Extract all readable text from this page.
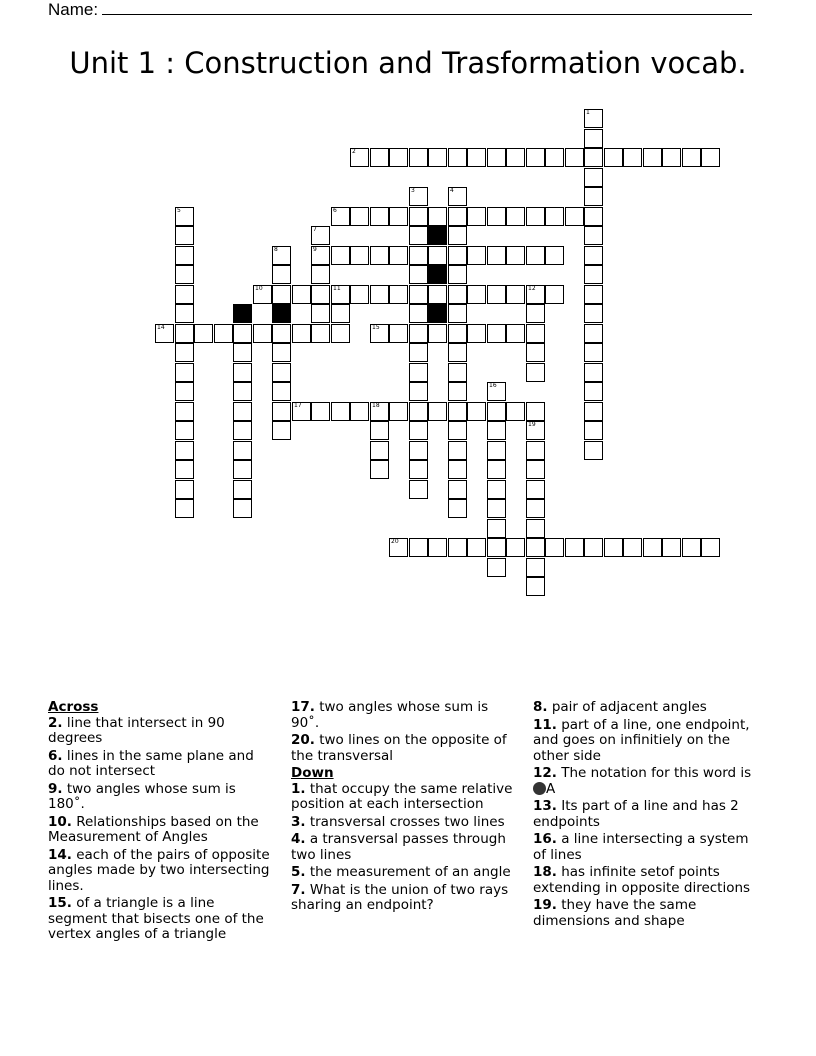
Name:
Unit 1 : Construction and Trasformation vocab.
1
2
3	4
5	6
7
9
8
10	11	12
13
14	15
16
17	18
19
20
Across
2. line that intersect in 90 degrees
6. lines in the same plane and do not intersect
9. two angles whose sum is 180˚.
10. Relationships based on the Measurement of Angles
14. each of the pairs of opposite angles made by two intersecting lines.
15. of a triangle is a line segment that bisects one of the vertex angles of a triangle
17. two angles whose sum is 90˚.
20. two lines on the opposite of the transversal
Down
1. that occupy the same relative position at each intersection
3. transversal crosses two lines
4. a transversal passes through two lines
5. the measurement of an angle
7. What is the union of two rays sharing an endpoint?
8. pair of adjacent angles
11. part of a line, one endpoint, and goes on infinitiely on the other side
12. The notation for this word is
A
13. Its part of a line and has 2 endpoints
16. a line intersecting a system of lines
18. has infinite setof points extending in opposite directions
19. they have the same dimensions and shape
